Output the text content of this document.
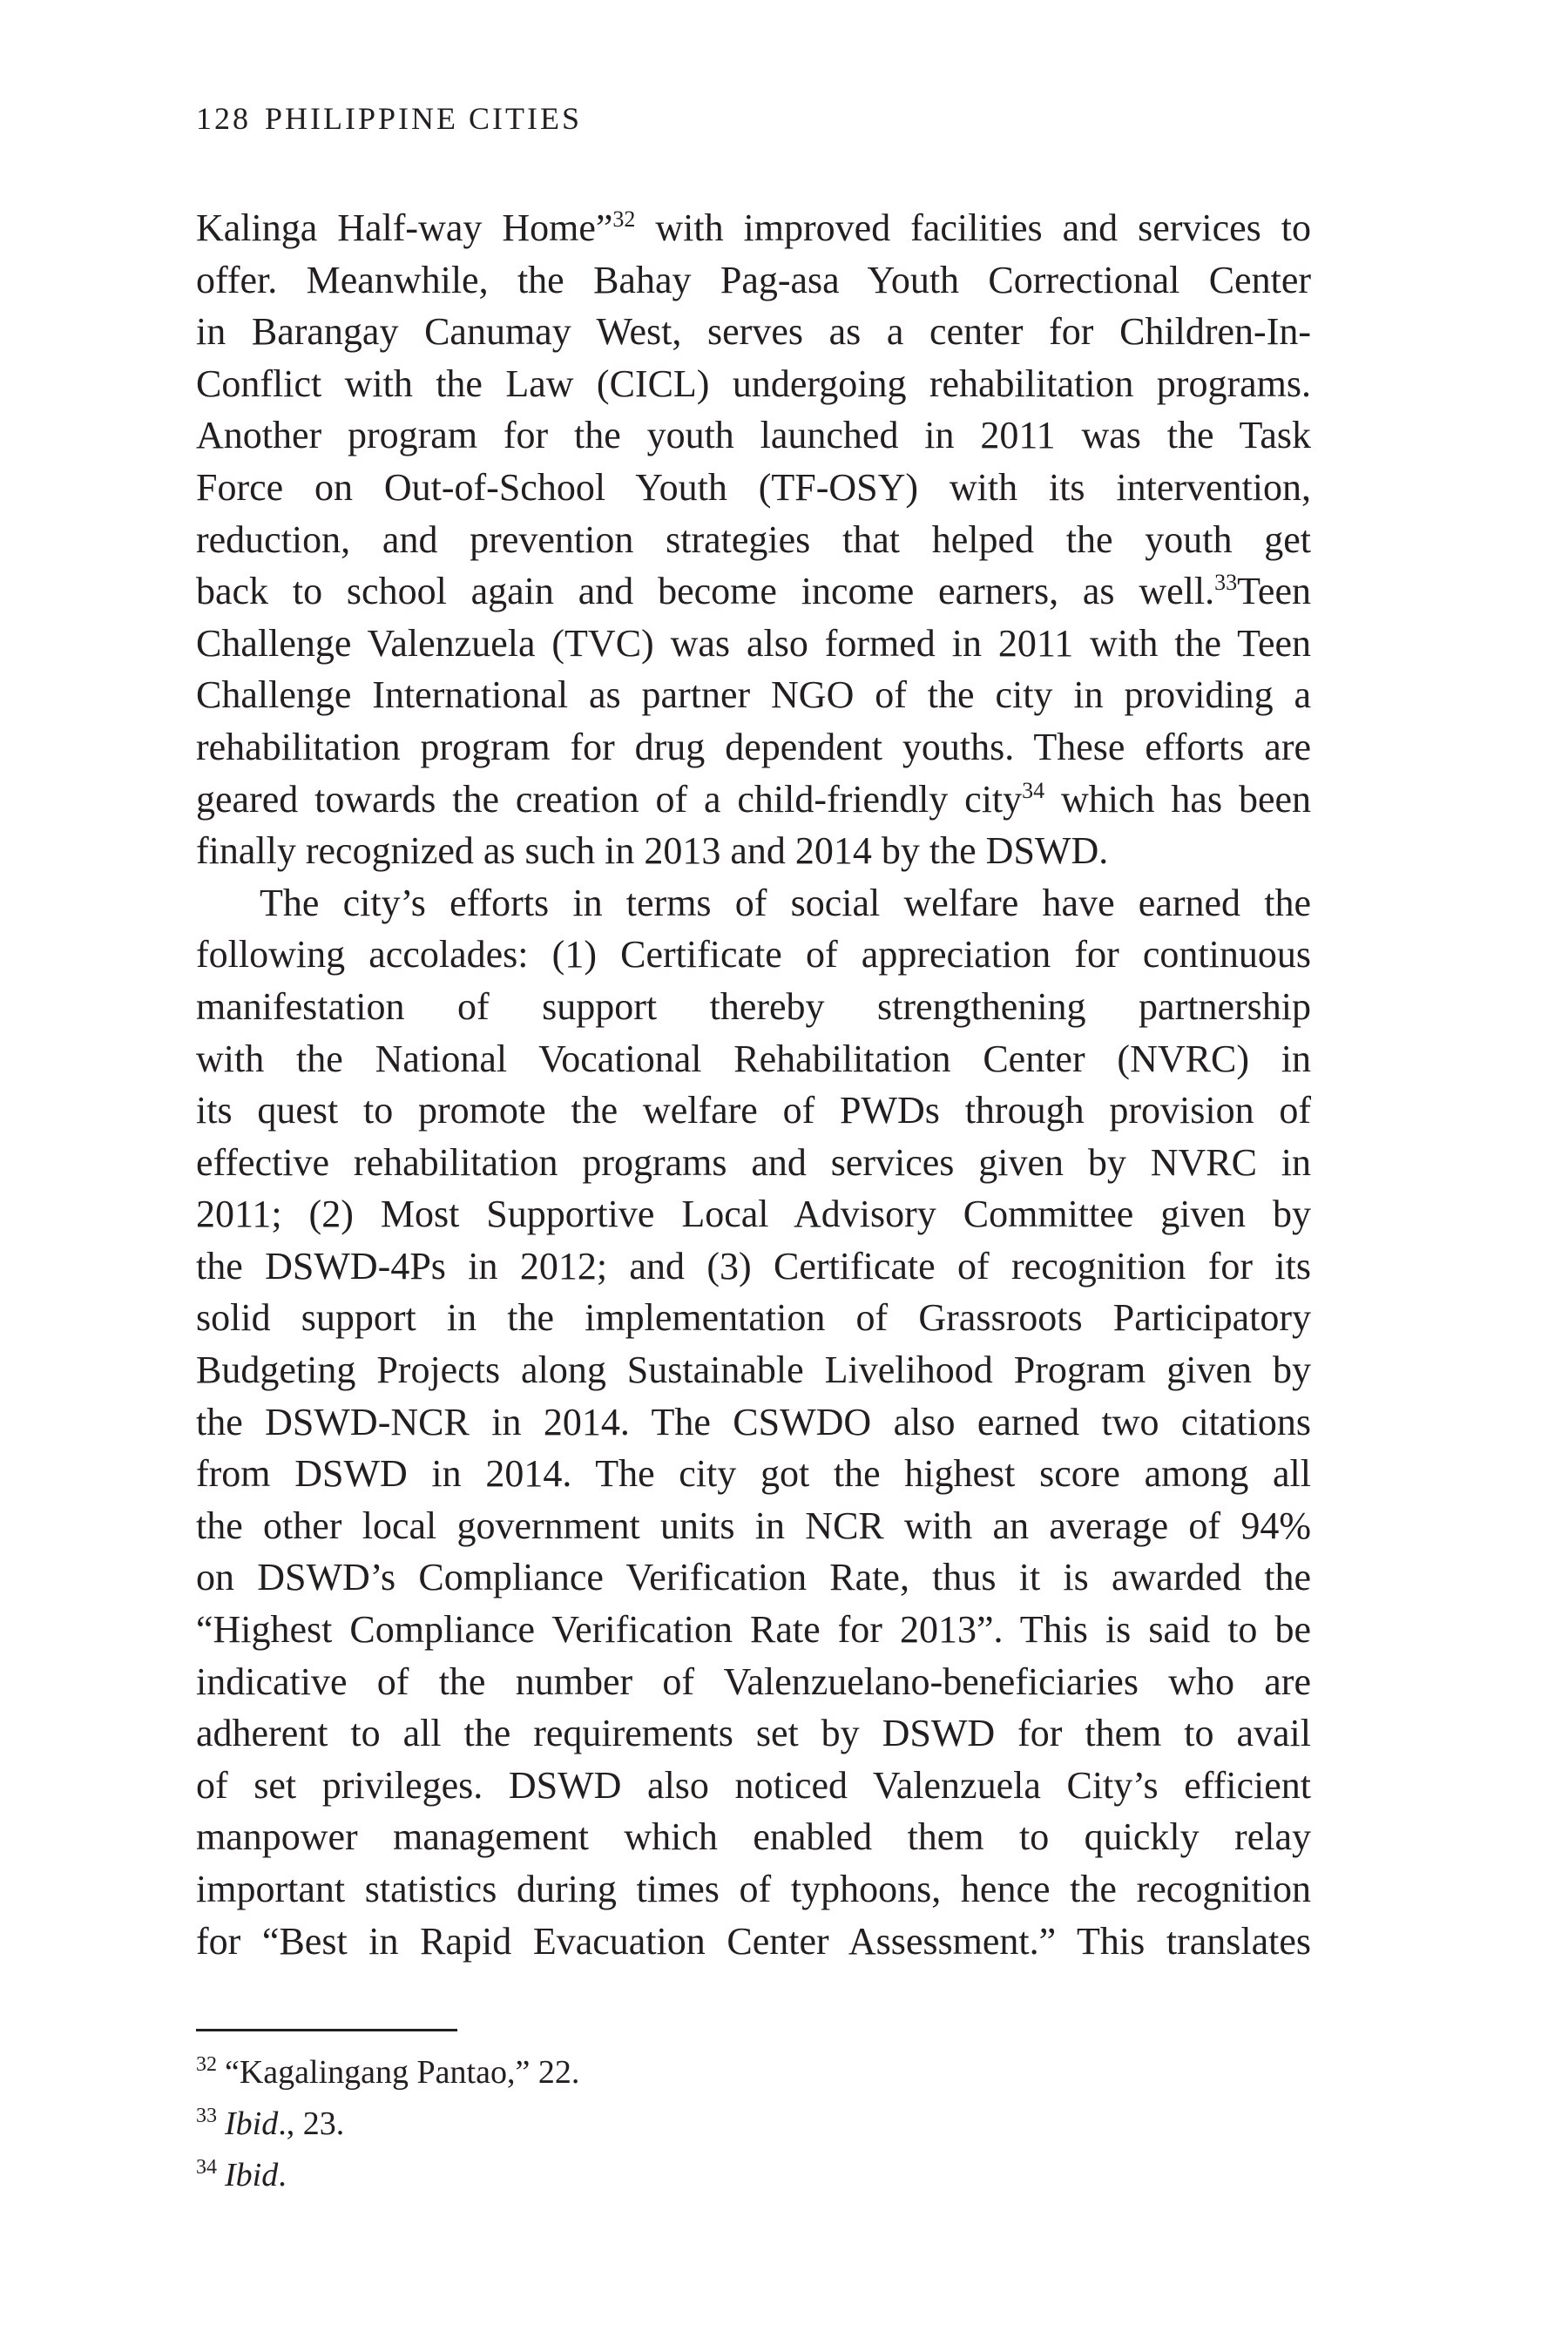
128 PHILIPPINE CITIES
Kalinga Half-way Home”$^{32}$ with improved facilities and services to
offer. Meanwhile, the Bahay Pag-asa Youth Correctional Center
in Barangay Canumay West, serves as a center for Children-In-
Conflict with the Law (CICL) undergoing rehabilitation programs.
Another program for the youth launched in 2011 was the Task
Force on Out-of-School Youth (TF-OSY) with its intervention,
reduction, and prevention strategies that helped the youth get
back to school again and become income earners, as well.$^{33}$Teen
Challenge Valenzuela (TVC) was also formed in 2011 with the Teen
Challenge International as partner NGO of the city in providing a
rehabilitation program for drug dependent youths. These efforts are
geared towards the creation of a child-friendly city$^{34}$ which has been
finally recognized as such in 2013 and 2014 by the DSWD.
The city’s efforts in terms of social welfare have earned the
following accolades: (1) Certificate of appreciation for continuous
manifestation of support thereby strengthening partnership
with the National Vocational Rehabilitation Center (NVRC) in
its quest to promote the welfare of PWDs through provision of
effective rehabilitation programs and services given by NVRC in
2011; (2) Most Supportive Local Advisory Committee given by
the DSWD-4Ps in 2012; and (3) Certificate of recognition for its
solid support in the implementation of Grassroots Participatory
Budgeting Projects along Sustainable Livelihood Program given by
the DSWD-NCR in 2014. The CSWDO also earned two citations
from DSWD in 2014. The city got the highest score among all
the other local government units in NCR with an average of 94%
on DSWD’s Compliance Verification Rate, thus it is awarded the
“Highest Compliance Verification Rate for 2013”. This is said to be
indicative of the number of Valenzuelano-beneficiaries who are
adherent to all the requirements set by DSWD for them to avail
of set privileges. DSWD also noticed Valenzuela City’s efficient
manpower management which enabled them to quickly relay
important statistics during times of typhoons, hence the recognition
for “Best in Rapid Evacuation Center Assessment.” This translates
$^{32}$ “Kagalingang Pantao,” 22.
$^{33}$ Ibid., 23.
$^{34}$ Ibid.
